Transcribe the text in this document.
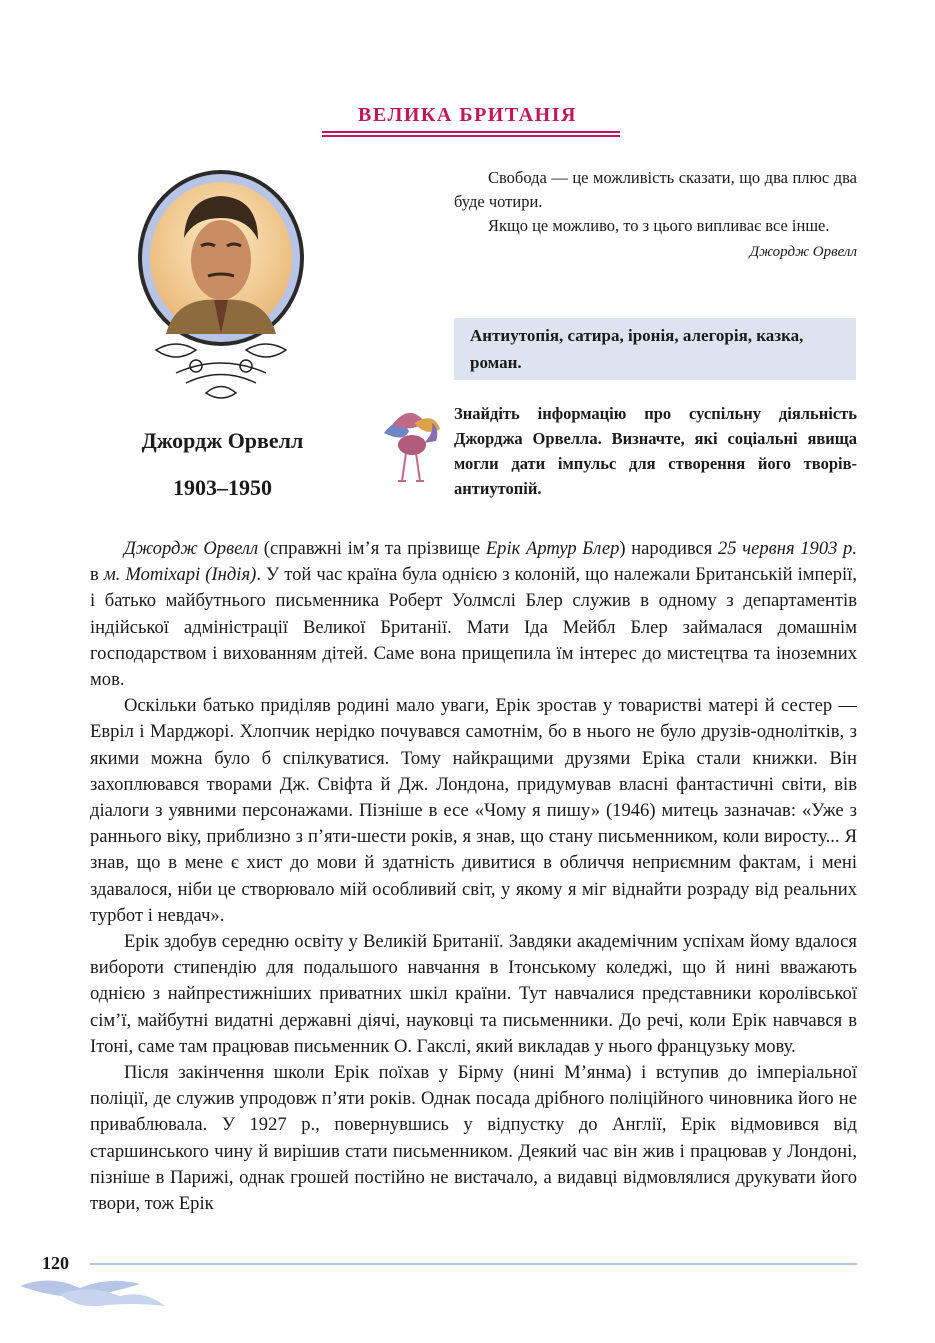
ВЕЛИКА БРИТАНІЯ
Джордж Орвелл
1903–1950

Свобода — це можливість сказати, що два плюс два буде чотири.

Якщо це можливо, то з цього випливає все інше.

Джордж Орвелл

Антиутопія, сатира, іронія, алегорія, казка, роман.
Знайдіть інформацію про суспільну діяльність Джорджа Орвелла. Визначте, які соціальні явища могли дати імпульс для створення його творів-антиутопій.

Джордж Орвелл (справжні ім’я та прізвище Ерік Артур Блер) народився 25 червня 1903 р. в м. Мотіхарі (Індія). У той час країна була однією з колоній, що належали Британській імперії, і батько майбутнього письменника Роберт Уолмслі Блер служив в одному з департаментів індійської адміністрації Великої Британії. Мати Іда Мейбл Блер займалася домашнім господарством і вихованням дітей. Саме вона прищепила їм інтерес до мистецтва та іноземних мов.

Оскільки батько приділяв родині мало уваги, Ерік зростав у товаристві матері й сестер — Евріл і Марджорі. Хлопчик нерідко почувався самотнім, бо в нього не було друзів-однолітків, з якими можна було б спілкуватися. Тому найкращими друзями Еріка стали книжки. Він захоплювався творами Дж. Свіфта й Дж. Лондона, придумував власні фантастичні світи, вів діалоги з уявними персонажами. Пізніше в есе «Чому я пишу» (1946) митець зазначав: «Уже з раннього віку, приблизно з п’яти-шести років, я знав, що стану письменником, коли виросту... Я знав, що в мене є хист до мови й здатність дивитися в обличчя неприємним фактам, і мені здавалося, ніби це створювало мій особливий світ, у якому я міг віднайти розраду від реальних турбот і невдач».

Ерік здобув середню освіту у Великій Британії. Завдяки академічним успіхам йому вдалося вибороти стипендію для подальшого навчання в Ітонському коледжі, що й нині вважають однією з найпрестижніших приватних шкіл країни. Тут навчалися представники королівської сім’ї, майбутні видатні державні діячі, науковці та письменники. До речі, коли Ерік навчався в Ітоні, саме там працював письменник О. Гакслі, який викладав у нього французьку мову.

Після закінчення школи Ерік поїхав у Бірму (нині М’янма) і вступив до імперіальної поліції, де служив упродовж п’яти років. Однак посада дрібного поліцiйного чиновника його не приваблювала. У 1927 р., повернувшись у відпустку до Англії, Ерік відмовився від старшинського чину й вирішив стати письменником. Деякий час він жив і працював у Лондоні, пізніше в Парижі, однак грошей постійно не вистачало, а видавці відмовлялися друкувати його твори, тож Ерік

120
